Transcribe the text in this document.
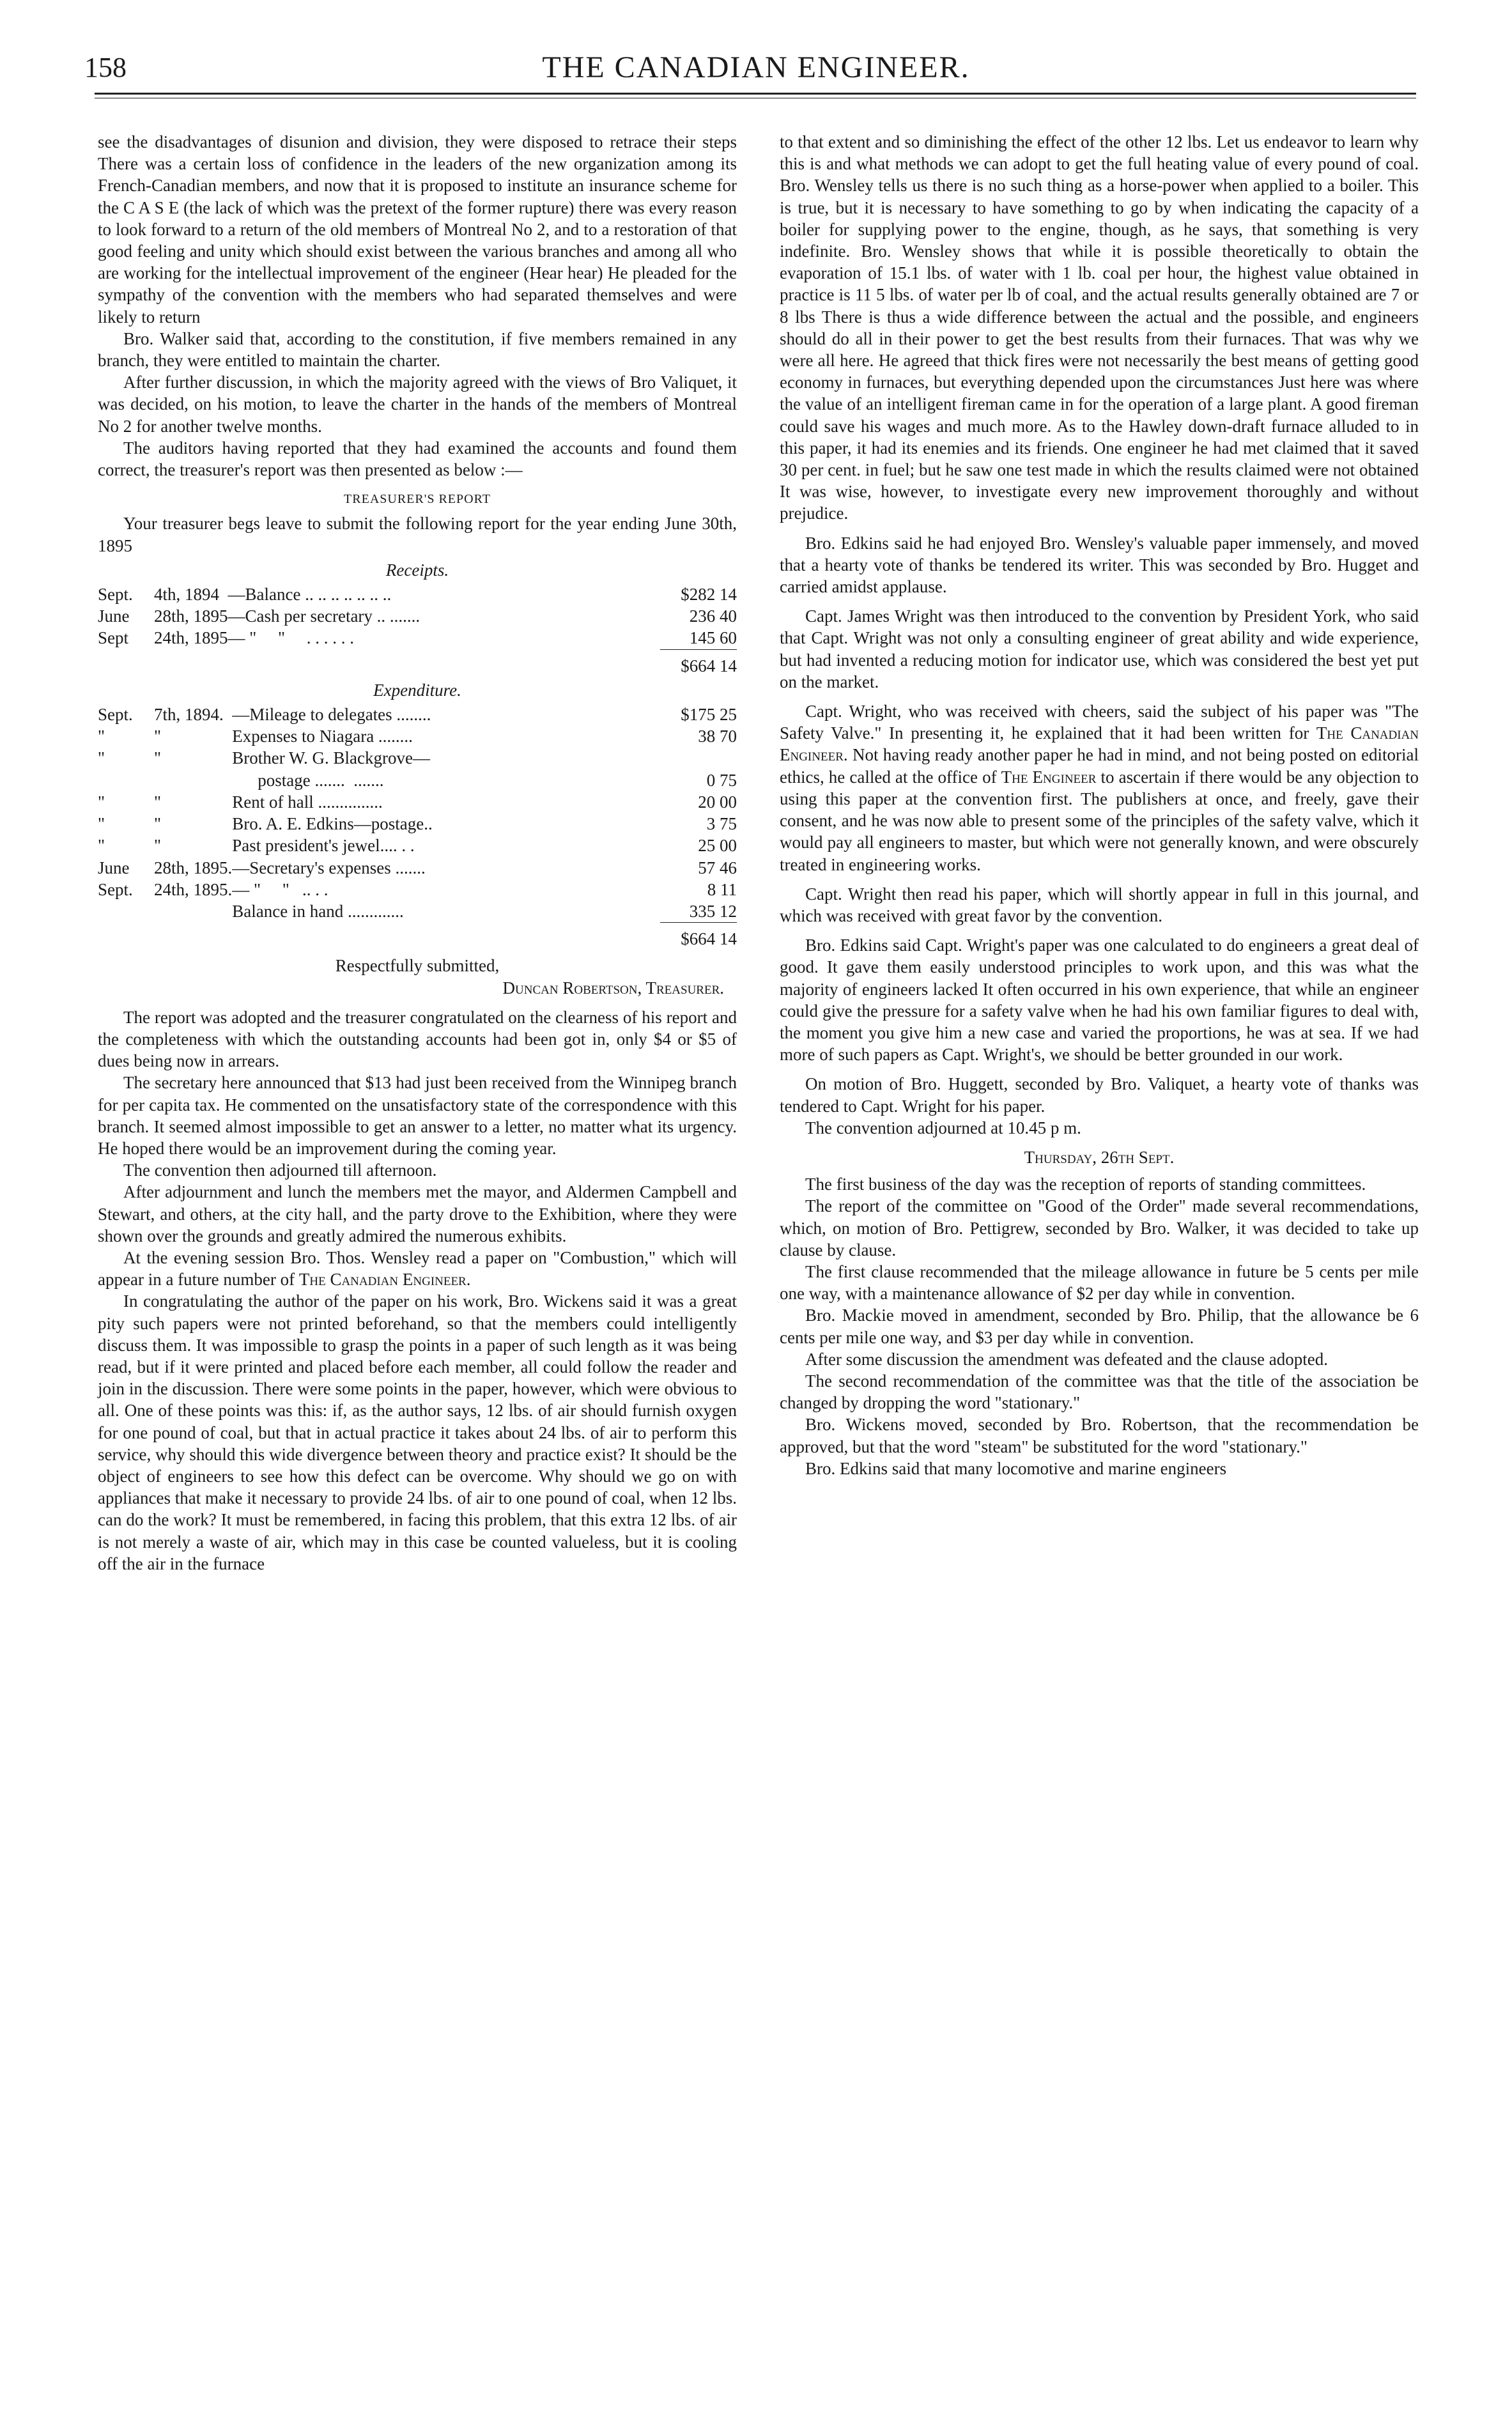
158	THE CANADIAN ENGINEER.

see the disadvantages of disunion and division, they were disposed to retrace their steps There was a certain loss of confidence in the leaders of the new organization among its French-Canadian members, and now that it is proposed to institute an insurance scheme for the C A S E (the lack of which was the pretext of the former rupture) there was every reason to look forward to a return of the old members of Montreal No 2, and to a restoration of that good feeling and unity which should exist between the various branches and among all who are working for the intellectual improvement of the engineer (Hear hear) He pleaded for the sympathy of the convention with the members who had separated themselves and were likely to return

Bro. Walker said that, according to the constitution, if five members remained in any branch, they were entitled to maintain the charter.

After further discussion, in which the majority agreed with the views of Bro Valiquet, it was decided, on his motion, to leave the charter in the hands of the members of Montreal No 2 for another twelve months.

The auditors having reported that they had examined the accounts and found them correct, the treasurer's report was then presented as below :—

TREASURER'S REPORT

Your treasurer begs leave to submit the following report for the year ending June 30th, 1895

Receipts.
Sept.	4th, 1894	—Balance .. .. .. .. .. .. ..	$282 14
June	28th, 1895	—Cash per secretary .. .......	236 40
Sept	24th, 1895	— "     "     . . . . . .	145 60
			$664 14
Expenditure.
Sept.	7th, 1894.	—Mileage to delegates ........	$175 25
"	"	Expenses to Niagara ........	38 70
"	"	Brother W. G. Blackgrove—	
		postage .......  .......	0 75
"	"	Rent of hall ...............	20 00
"	"	Bro. A. E. Edkins—postage..	3 75
"	"	Past president's jewel.... . .	25 00
June	28th, 1895.	—Secretary's expenses .......	57 46
Sept.	24th, 1895.	— "     "   .. . .	8 11
		Balance in hand .............	335 12
			$664 14
Respectfully submitted,
Duncan Robertson, Treasurer.

The report was adopted and the treasurer congratulated on the clearness of his report and the completeness with which the outstanding accounts had been got in, only $4 or $5 of dues being now in arrears.

The secretary here announced that $13 had just been received from the Winnipeg branch for per capita tax. He commented on the unsatisfactory state of the correspondence with this branch. It seemed almost impossible to get an answer to a letter, no matter what its urgency. He hoped there would be an improvement during the coming year.

The convention then adjourned till afternoon.

After adjournment and lunch the members met the mayor, and Aldermen Campbell and Stewart, and others, at the city hall, and the party drove to the Exhibition, where they were shown over the grounds and greatly admired the numerous exhibits.

At the evening session Bro. Thos. Wensley read a paper on "Combustion," which will appear in a future number of The Canadian Engineer.

In congratulating the author of the paper on his work, Bro. Wickens said it was a great pity such papers were not printed beforehand, so that the members could intelligently discuss them. It was impossible to grasp the points in a paper of such length as it was being read, but if it were printed and placed before each member, all could follow the reader and join in the discussion. There were some points in the paper, however, which were obvious to all. One of these points was this: if, as the author says, 12 lbs. of air should furnish oxygen for one pound of coal, but that in actual practice it takes about 24 lbs. of air to perform this service, why should this wide divergence between theory and practice exist? It should be the object of engineers to see how this defect can be overcome. Why should we go on with appliances that make it necessary to provide 24 lbs. of air to one pound of coal, when 12 lbs. can do the work? It must be remembered, in facing this problem, that this extra 12 lbs. of air is not merely a waste of air, which may in this case be counted valueless, but it is cooling off the air in the furnace

to that extent and so diminishing the effect of the other 12 lbs. Let us endeavor to learn why this is and what methods we can adopt to get the full heating value of every pound of coal. Bro. Wensley tells us there is no such thing as a horse-power when applied to a boiler. This is true, but it is necessary to have something to go by when indicating the capacity of a boiler for supplying power to the engine, though, as he says, that something is very indefinite. Bro. Wensley shows that while it is possible theoretically to obtain the evaporation of 15.1 lbs. of water with 1 lb. coal per hour, the highest value obtained in practice is 11 5 lbs. of water per lb of coal, and the actual results generally obtained are 7 or 8 lbs There is thus a wide difference between the actual and the possible, and engineers should do all in their power to get the best results from their furnaces. That was why we were all here. He agreed that thick fires were not necessarily the best means of getting good economy in furnaces, but everything depended upon the circumstances Just here was where the value of an intelligent fireman came in for the operation of a large plant. A good fireman could save his wages and much more. As to the Hawley down-draft furnace alluded to in this paper, it had its enemies and its friends. One engineer he had met claimed that it saved 30 per cent. in fuel; but he saw one test made in which the results claimed were not obtained It was wise, however, to investigate every new improvement thoroughly and without prejudice.

Bro. Edkins said he had enjoyed Bro. Wensley's valuable paper immensely, and moved that a hearty vote of thanks be tendered its writer. This was seconded by Bro. Hugget and carried amidst applause.

Capt. James Wright was then introduced to the convention by President York, who said that Capt. Wright was not only a consulting engineer of great ability and wide experience, but had invented a reducing motion for indicator use, which was considered the best yet put on the market.

Capt. Wright, who was received with cheers, said the subject of his paper was "The Safety Valve." In presenting it, he explained that it had been written for The Canadian Engineer. Not having ready another paper he had in mind, and not being posted on editorial ethics, he called at the office of The Engineer to ascertain if there would be any objection to using this paper at the convention first. The publishers at once, and freely, gave their consent, and he was now able to present some of the principles of the safety valve, which it would pay all engineers to master, but which were not generally known, and were obscurely treated in engineering works.

Capt. Wright then read his paper, which will shortly appear in full in this journal, and which was received with great favor by the convention.

Bro. Edkins said Capt. Wright's paper was one calculated to do engineers a great deal of good. It gave them easily understood principles to work upon, and this was what the majority of engineers lacked It often occurred in his own experience, that while an engineer could give the pressure for a safety valve when he had his own familiar figures to deal with, the moment you give him a new case and varied the proportions, he was at sea. If we had more of such papers as Capt. Wright's, we should be better grounded in our work.

On motion of Bro. Huggett, seconded by Bro. Valiquet, a hearty vote of thanks was tendered to Capt. Wright for his paper.

The convention adjourned at 10.45 p m.

Thursday, 26th Sept.

The first business of the day was the reception of reports of standing committees.

The report of the committee on "Good of the Order" made several recommendations, which, on motion of Bro. Pettigrew, seconded by Bro. Walker, it was decided to take up clause by clause.

The first clause recommended that the mileage allowance in future be 5 cents per mile one way, with a maintenance allowance of $2 per day while in convention.

Bro. Mackie moved in amendment, seconded by Bro. Philip, that the allowance be 6 cents per mile one way, and $3 per day while in convention.

After some discussion the amendment was defeated and the clause adopted.

The second recommendation of the committee was that the title of the association be changed by dropping the word "stationary."

Bro. Wickens moved, seconded by Bro. Robertson, that the recommendation be approved, but that the word "steam" be substituted for the word "stationary."

Bro. Edkins said that many locomotive and marine engineers
